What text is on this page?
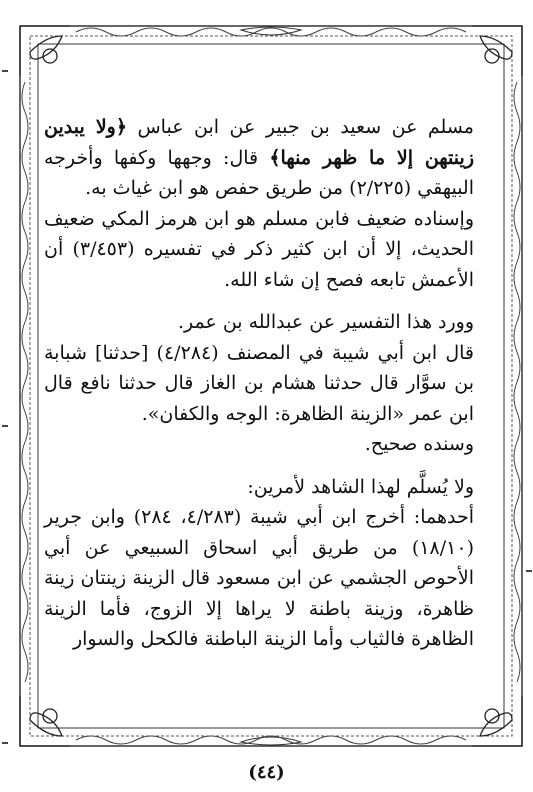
مسلم عن سعيد بن جبير عن ابن عباس ﴿ولا يبدين زينتهن إلا ما ظهر منها﴾ قال: وجهها وكفها وأخرجه البيهقي (٢/٢٢٥) من طريق حفص هو ابن غياث به.

وإسناده ضعيف فابن مسلم هو ابن هرمز المكي ضعيف الحديث، إلا أن ابن كثير ذكر في تفسيره (٣/٤٥٣) أن الأعمش تابعه فصح إن شاء الله.

وورد هذا التفسير عن عبدالله بن عمر.

قال ابن أبي شيبة في المصنف (٤/٢٨٤) [حدثنا] شبابة بن سوَّار قال حدثنا هشام بن الغاز قال حدثنا نافع قال ابن عمر «الزينة الظاهرة: الوجه والكفان».

وسنده صحيح.

ولا يُسلَّم لهذا الشاهد لأمرين:

أحدهما: أخرج ابن أبي شيبة (٤/٢٨٣، ٢٨٤) وابن جرير (١٨/١٠) من طريق أبي اسحاق السبيعي عن أبي الأحوص الجشمي عن ابن مسعود قال الزينة زينتان زينة ظاهرة، وزينة باطنة لا يراها إلا الزوج، فأما الزينة الظاهرة فالثياب وأما الزينة الباطنة فالكحل والسوار

(٤٤)
